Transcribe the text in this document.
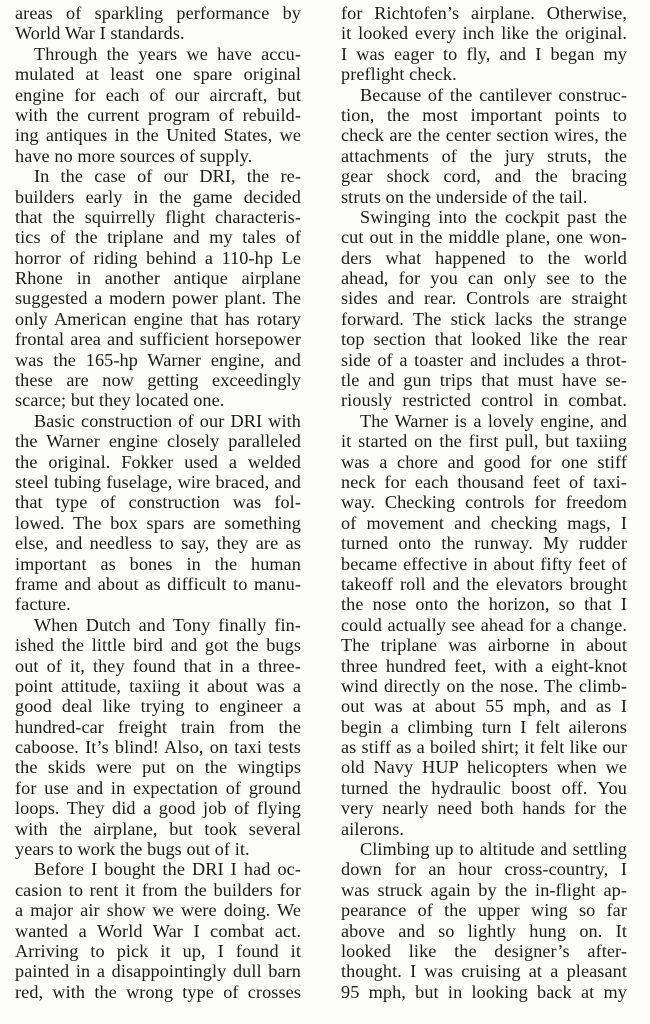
areas of sparkling performance by
World War I standards.
Through the years we have accu-
mulated at least one spare original
engine for each of our aircraft, but
with the current program of rebuild-
ing antiques in the United States, we
have no more sources of supply.
In the case of our DRI, the re-
builders early in the game decided
that the squirrelly flight characteris-
tics of the triplane and my tales of
horror of riding behind a 110-hp Le
Rhone in another antique airplane
suggested a modern power plant. The
only American engine that has rotary
frontal area and sufficient horsepower
was the 165-hp Warner engine, and
these are now getting exceedingly
scarce; but they located one.
Basic construction of our DRI with
the Warner engine closely paralleled
the original. Fokker used a welded
steel tubing fuselage, wire braced, and
that type of construction was fol-
lowed. The box spars are something
else, and needless to say, they are as
important as bones in the human
frame and about as difficult to manu-
facture.
When Dutch and Tony finally fin-
ished the little bird and got the bugs
out of it, they found that in a three-
point attitude, taxiing it about was a
good deal like trying to engineer a
hundred-car freight train from the
caboose. It’s blind! Also, on taxi tests
the skids were put on the wingtips
for use and in expectation of ground
loops. They did a good job of flying
with the airplane, but took several
years to work the bugs out of it.
Before I bought the DRI I had oc-
casion to rent it from the builders for
a major air show we were doing. We
wanted a World War I combat act.
Arriving to pick it up, I found it
painted in a disappointingly dull barn
red, with the wrong type of crosses
for Richtofen’s airplane. Otherwise,
it looked every inch like the original.
I was eager to fly, and I began my
preflight check.
Because of the cantilever construc-
tion, the most important points to
check are the center section wires, the
attachments of the jury struts, the
gear shock cord, and the bracing
struts on the underside of the tail.
Swinging into the cockpit past the
cut out in the middle plane, one won-
ders what happened to the world
ahead, for you can only see to the
sides and rear. Controls are straight
forward. The stick lacks the strange
top section that looked like the rear
side of a toaster and includes a throt-
tle and gun trips that must have se-
riously restricted control in combat.
The Warner is a lovely engine, and
it started on the first pull, but taxiing
was a chore and good for one stiff
neck for each thousand feet of taxi-
way. Checking controls for freedom
of movement and checking mags, I
turned onto the runway. My rudder
became effective in about fifty feet of
takeoff roll and the elevators brought
the nose onto the horizon, so that I
could actually see ahead for a change.
The triplane was airborne in about
three hundred feet, with a eight-knot
wind directly on the nose. The climb-
out was at about 55 mph, and as I
begin a climbing turn I felt ailerons
as stiff as a boiled shirt; it felt like our
old Navy HUP helicopters when we
turned the hydraulic boost off. You
very nearly need both hands for the
ailerons.
Climbing up to altitude and settling
down for an hour cross-country, I
was struck again by the in-flight ap-
pearance of the upper wing so far
above and so lightly hung on. It
looked like the designer’s after-
thought. I was cruising at a pleasant
95 mph, but in looking back at my
